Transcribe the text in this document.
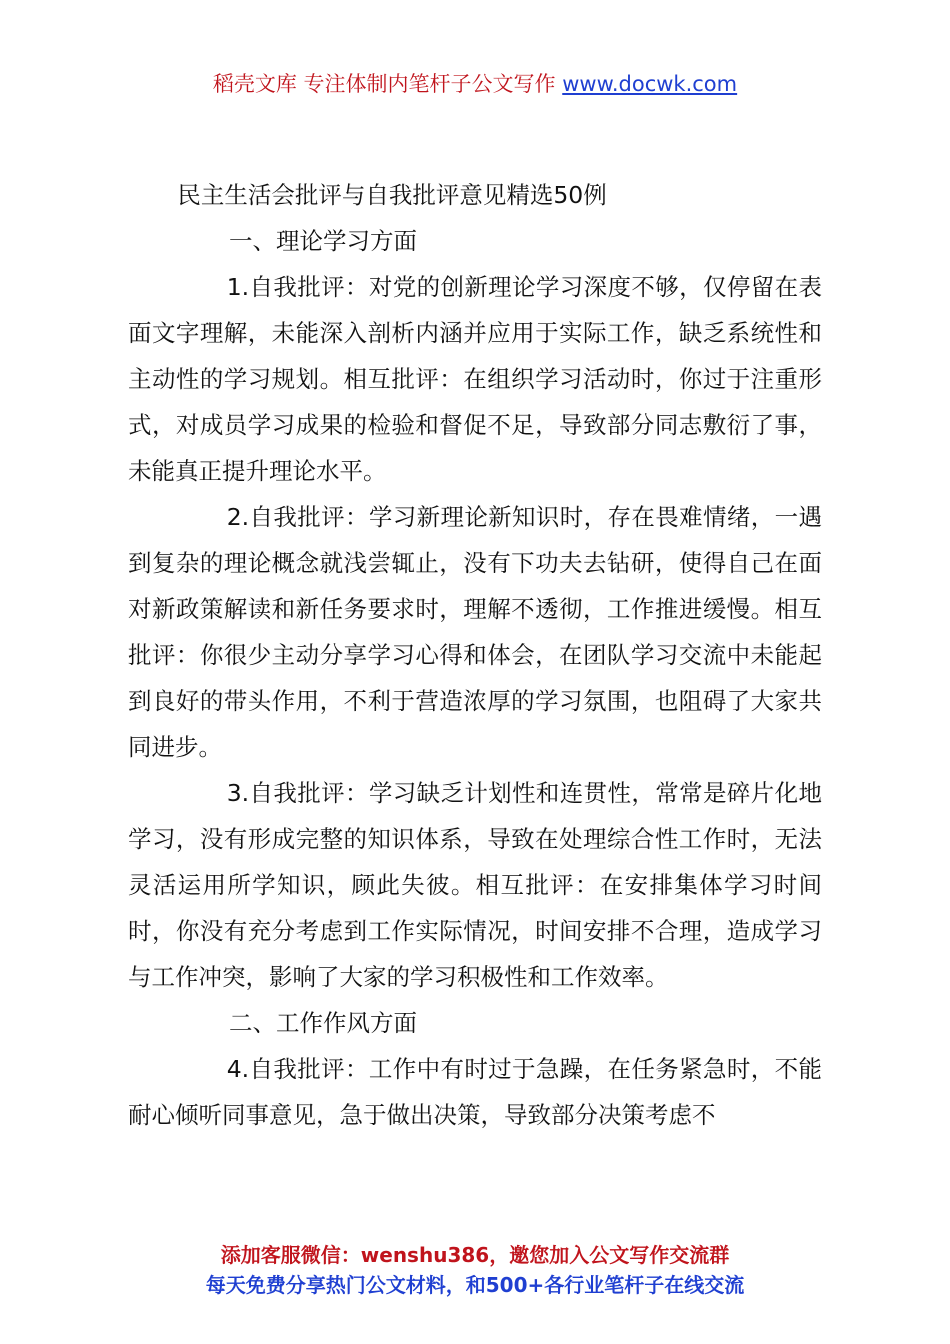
稻壳文库 专注体制内笔杆子公文写作 www.docwk.com

民主生活会批评与自我批评意见精选50例

一、理论学习方面

1.自我批评：对党的创新理论学习深度不够，仅停留在表面文字理解，未能深入剖析内涵并应用于实际工作，缺乏系统性和主动性的学习规划。相互批评：在组织学习活动时，你过于注重形式，对成员学习成果的检验和督促不足，导致部分同志敷衍了事，未能真正提升理论水平。

2.自我批评：学习新理论新知识时，存在畏难情绪，一遇到复杂的理论概念就浅尝辄止，没有下功夫去钻研，使得自己在面对新政策解读和新任务要求时，理解不透彻，工作推进缓慢。相互批评：你很少主动分享学习心得和体会，在团队学习交流中未能起到良好的带头作用，不利于营造浓厚的学习氛围，也阻碍了大家共同进步。

3.自我批评：学习缺乏计划性和连贯性，常常是碎片化地学习，没有形成完整的知识体系，导致在处理综合性工作时，无法灵活运用所学知识，顾此失彼。相互批评：在安排集体学习时间时，你没有充分考虑到工作实际情况，时间安排不合理，造成学习与工作冲突，影响了大家的学习积极性和工作效率。

二、工作作风方面

4.自我批评：工作中有时过于急躁，在任务紧急时，不能耐心倾听同事意见，急于做出决策，导致部分决策考虑不

添加客服微信：wenshu386，邀您加入公文写作交流群
每天免费分享热门公文材料，和500+各行业笔杆子在线交流
